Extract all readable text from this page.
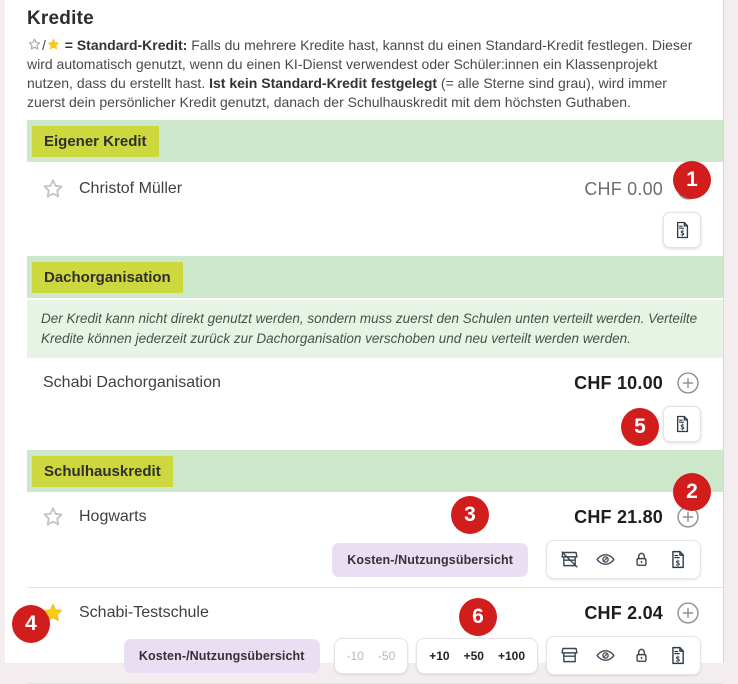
Kredite

/
= Standard-Kredit: Falls du mehrere Kredite hast, kannst du einen Standard-Kredit festlegen. Dieser wird automatisch genutzt, wenn du einen KI-Dienst verwendest oder Schüler:innen ein Klassenprojekt nutzen, dass du erstellt hast. Ist kein Standard-Kredit festgelegt (= alle Sterne sind grau), wird immer zuerst dein persönlicher Kredit genutzt, danach der Schulhauskredit mit dem höchsten Guthaben.

Eigener Kredit
Christof Müller	CHF 0.00
$
Dachorganisation
Der Kredit kann nicht direkt genutzt werden, sondern muss zuerst den Schulen unten verteilt werden. Verteilte Kredite können jederzeit zurück zur Dachorganisation verschoben und neu verteilt werden werden.
Schabi Dachorganisation	CHF 10.00
$
Schulhauskredit
Hogwarts	CHF 21.80
Kosten-/Nutzungsübersicht	$
Schabi-Testschule	CHF 2.04
Kosten-/Nutzungsübersicht	-10	-50	+10	+50	+100	$
1
2
3
4
5
6
